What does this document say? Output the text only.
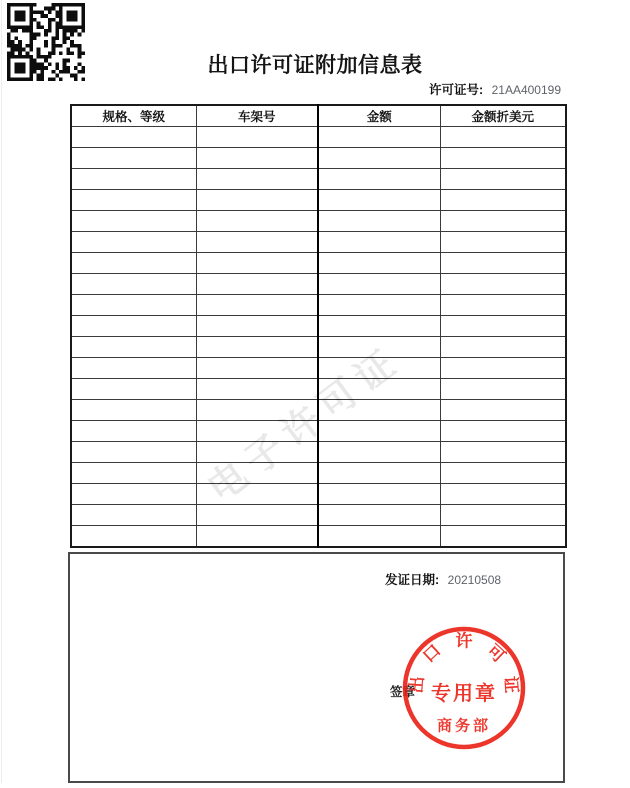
出口许可证附加信息表
许可证号: 21AA400199
规格、等级	车架号	金额	金额折美元

电子许可证
发证日期: 20210508
签章
出
口 许 可
证
专用章
商务部
